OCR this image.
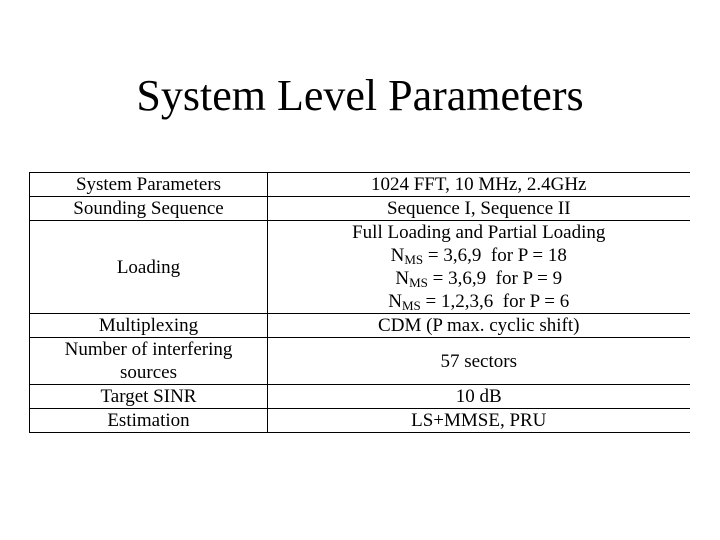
System Level Parameters
System Parameters	1024 FFT, 10 MHz, 2.4GHz
Sounding Sequence	Sequence I, Sequence II
Loading	Full Loading and Partial Loading
$N_{MS} = 3,6,9$  for P = 18
$N_{MS} = 3,6,9$  for P = 9
$N_{MS} = 1,2,3,6$  for P = 6

Multiplexing	CDM (P max. cyclic shift)

Number of interfering
sources	57 sectors
Target SINR	10 dB
Estimation	LS+MMSE, PRU
